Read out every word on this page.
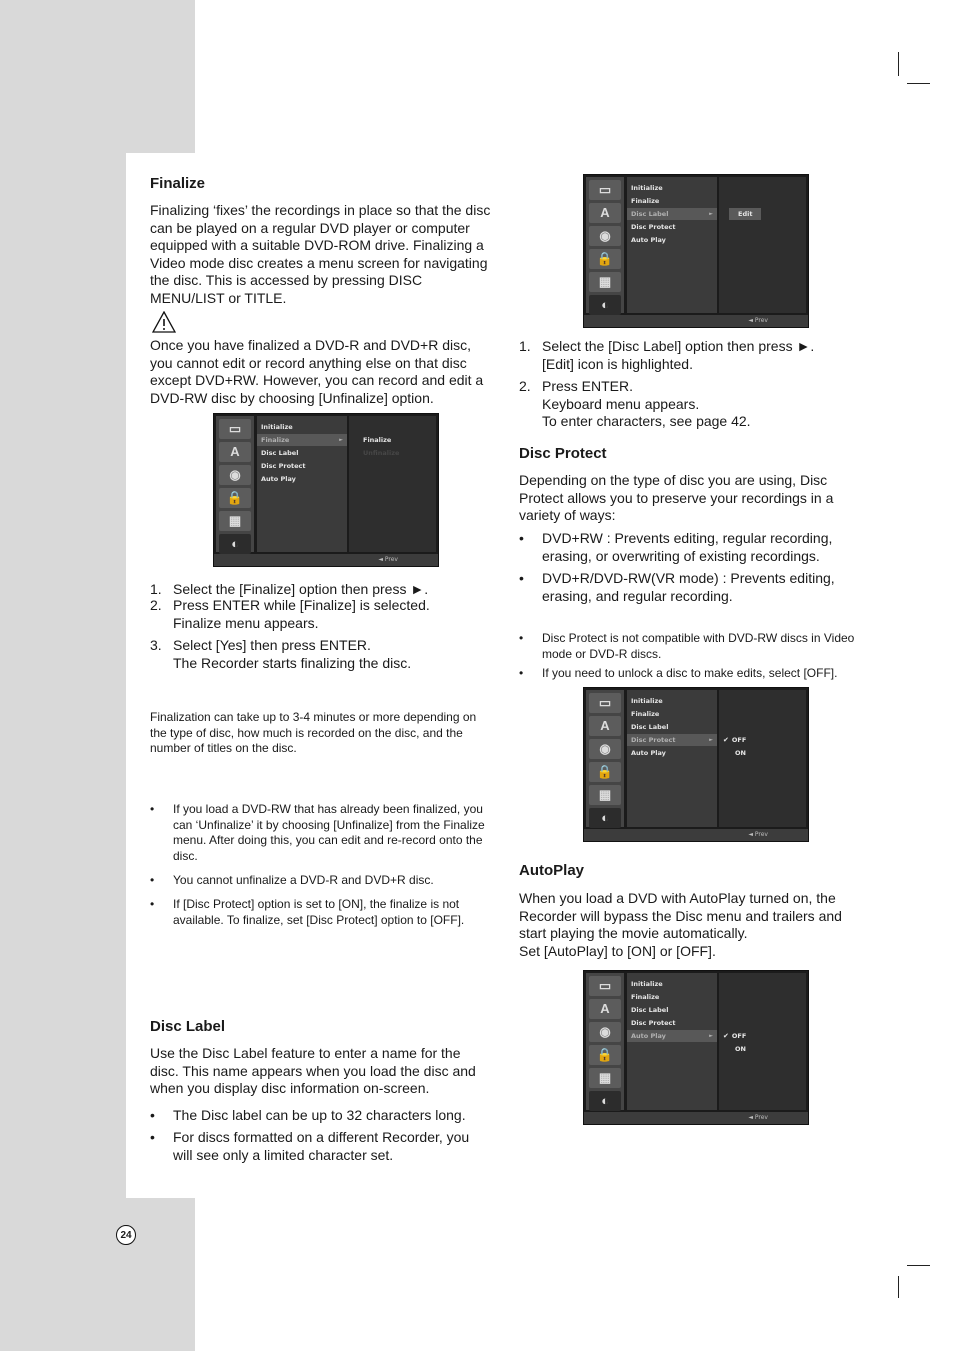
24
Finalize

Finalizing ‘fixes’ the recordings in place so that the disc can be played on a regular DVD player or computer equipped with a suitable DVD-ROM drive. Finalizing a Video mode disc creates a menu screen for navigating the disc. This is accessed by pressing DISC MENU/LIST or TITLE.

Once you have finalized a DVD-R and DVD+R disc, you cannot edit or record anything else on that disc except DVD+RW. However, you can record and edit a DVD-RW disc by choosing [Unfinalize] option.

▭
A
◉
🔒
▦
◐
Initialize
Finalize	►
Disc Label
Disc Protect
Auto Play
Finalize
Unfinalize
◄ Prev
1. Select the [Finalize] option then press ►.
2. Press ENTER while [Finalize] is selected.
Finalize menu appears.
3. Select [Yes] then press ENTER.
The Recorder starts finalizing the disc.

Finalization can take up to 3-4 minutes or more depending on the type of disc, how much is recorded on the disc, and the number of titles on the disc.

• If you load a DVD-RW that has already been finalized, you can ‘Unfinalize’ it by choosing [Unfinalize] from the Finalize menu. After doing this, you can edit and re-record onto the disc.
• You cannot unfinalize a DVD-R and DVD+R disc.
• If [Disc Protect] option is set to [ON], the finalize is not available. To finalize, set [Disc Protect] option to [OFF].
Disc Label

Use the Disc Label feature to enter a name for the disc. This name appears when you load the disc and when you display disc information on-screen.

• The Disc label can be up to 32 characters long.
• For discs formatted on a different Recorder, you will see only a limited character set.
▭
A
◉
🔒
▦
◐
Initialize
Finalize
Disc Label	►
Disc Protect
Auto Play
Edit
◄ Prev
1. Select the [Disc Label] option then press ►.
[Edit] icon is highlighted.
2. Press ENTER.
Keyboard menu appears.
To enter characters, see page 42.
Disc Protect

Depending on the type of disc you are using, Disc Protect allows you to preserve your recordings in a variety of ways:

• DVD+RW : Prevents editing, regular recording, erasing, or overwriting of existing recordings.
• DVD+R/DVD-RW(VR mode) : Prevents editing, erasing, and regular recording.
• Disc Protect is not compatible with DVD-RW discs in Video mode or DVD-R discs.
• If you need to unlock a disc to make edits, select [OFF].
▭
A
◉
🔒
▦
◐
Initialize
Finalize
Disc Label
Disc Protect	►
Auto Play
✔ OFF
ON
◄ Prev
AutoPlay

When you load a DVD with AutoPlay turned on, the Recorder will bypass the Disc menu and trailers and start playing the movie automatically.
Set [AutoPlay] to [ON] or [OFF].

▭
A
◉
🔒
▦
◐
Initialize
Finalize
Disc Label
Disc Protect
Auto Play	► ✔ OFF
ON
◄ Prev
